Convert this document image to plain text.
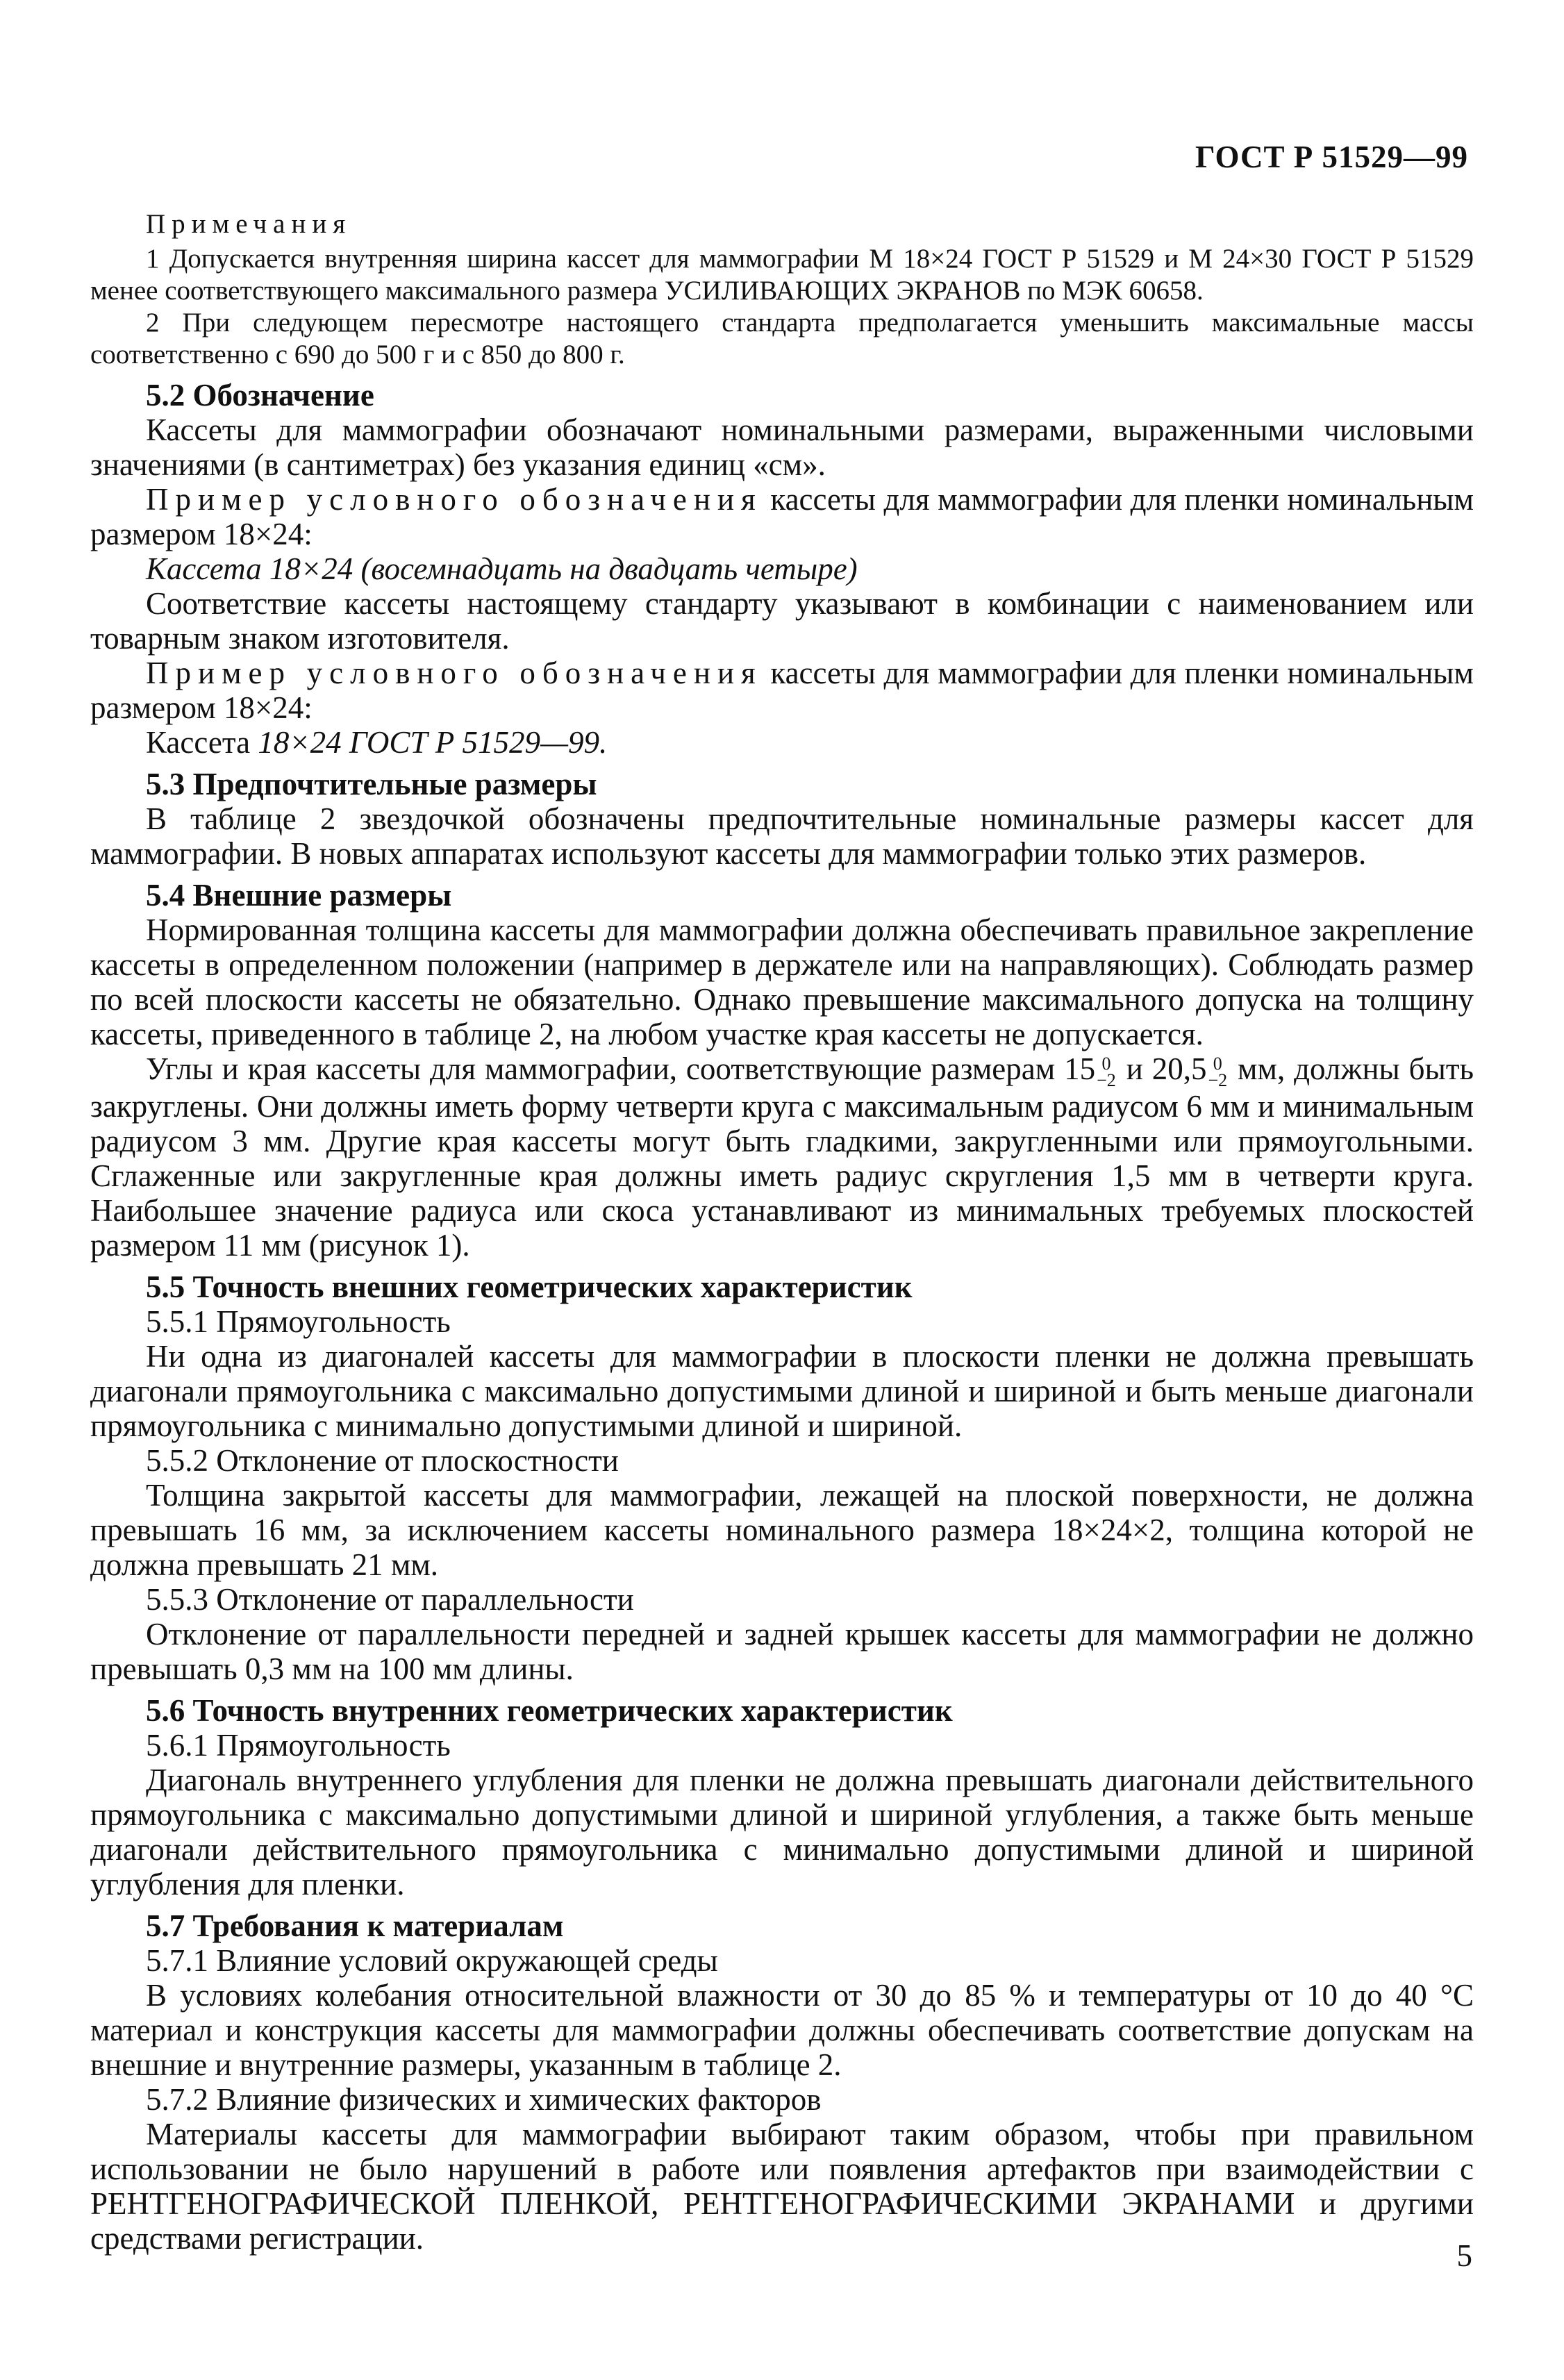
ГОСТ Р 51529—99

Примечания

1 Допускается внутренняя ширина кассет для маммографии М 18×24 ГОСТ Р 51529 и М 24×30 ГОСТ Р 51529 менее соответствующего максимального размера УСИЛИВАЮЩИХ ЭКРАНОВ по МЭК 60658.

2 При следующем пересмотре настоящего стандарта предполагается уменьшить максимальные массы соответственно с 690 до 500 г и с 850 до 800 г.

5.2 Обозначение

Кассеты для маммографии обозначают номинальными размерами, выраженными числовыми значениями (в сантиметрах) без указания единиц «см».

Пример условного обозначения кассеты для маммографии для пленки номинальным размером 18×24:

Кассета 18×24 (восемнадцать на двадцать четыре)

Соответствие кассеты настоящему стандарту указывают в комбинации с наименованием или товарным знаком изготовителя.

Пример условного обозначения кассеты для маммографии для пленки номинальным размером 18×24:

Кассета 18×24 ГОСТ Р 51529—99.

5.3 Предпочтительные размеры

В таблице 2 звездочкой обозначены предпочтительные номинальные размеры кассет для маммографии. В новых аппаратах используют кассеты для маммографии только этих размеров.

5.4 Внешние размеры

Нормированная толщина кассеты для маммографии должна обеспечивать правильное закрепление кассеты в определенном положении (например в держателе или на направляющих). Соблюдать размер по всей плоскости кассеты не обязательно. Однако превышение максимального допуска на толщину кассеты, приведенного в таблице 2, на любом участке края кассеты не допускается.

Углы и края кассеты для маммографии, соответствующие размерам 15 0
−2 и 20,5 0
−2 мм, должны быть закруглены. Они должны иметь форму четверти круга с максимальным радиусом 6 мм и минимальным радиусом 3 мм. Другие края кассеты могут быть гладкими, закругленными или прямоугольными. Сглаженные или закругленные края должны иметь радиус скругления 1,5 мм в четверти круга. Наибольшее значение радиуса или скоса устанавливают из минимальных требуемых плоскостей размером 11 мм (рисунок 1).

5.5 Точность внешних геометрических характеристик

5.5.1 Прямоугольность

Ни одна из диагоналей кассеты для маммографии в плоскости пленки не должна превышать диагонали прямоугольника с максимально допустимыми длиной и шириной и быть меньше диагонали прямоугольника с минимально допустимыми длиной и шириной.

5.5.2 Отклонение от плоскостности

Толщина закрытой кассеты для маммографии, лежащей на плоской поверхности, не должна превышать 16 мм, за исключением кассеты номинального размера 18×24×2, толщина которой не должна превышать 21 мм.

5.5.3 Отклонение от параллельности

Отклонение от параллельности передней и задней крышек кассеты для маммографии не должно превышать 0,3 мм на 100 мм длины.

5.6 Точность внутренних геометрических характеристик

5.6.1 Прямоугольность

Диагональ внутреннего углубления для пленки не должна превышать диагонали действительного прямоугольника с максимально допустимыми длиной и шириной углубления, а также быть меньше диагонали действительного прямоугольника с минимально допустимыми длиной и шириной углубления для пленки.

5.7 Требования к материалам

5.7.1 Влияние условий окружающей среды

В условиях колебания относительной влажности от 30 до 85 % и температуры от 10 до 40 °С материал и конструкция кассеты для маммографии должны обеспечивать соответствие допускам на внешние и внутренние размеры, указанным в таблице 2.

5.7.2 Влияние физических и химических факторов

Материалы кассеты для маммографии выбирают таким образом, чтобы при правильном использовании не было нарушений в работе или появления артефактов при взаимодействии с РЕНТГЕНОГРАФИЧЕСКОЙ ПЛЕНКОЙ, РЕНТГЕНОГРАФИЧЕСКИМИ ЭКРАНАМИ и другими средствами регистрации.

5
